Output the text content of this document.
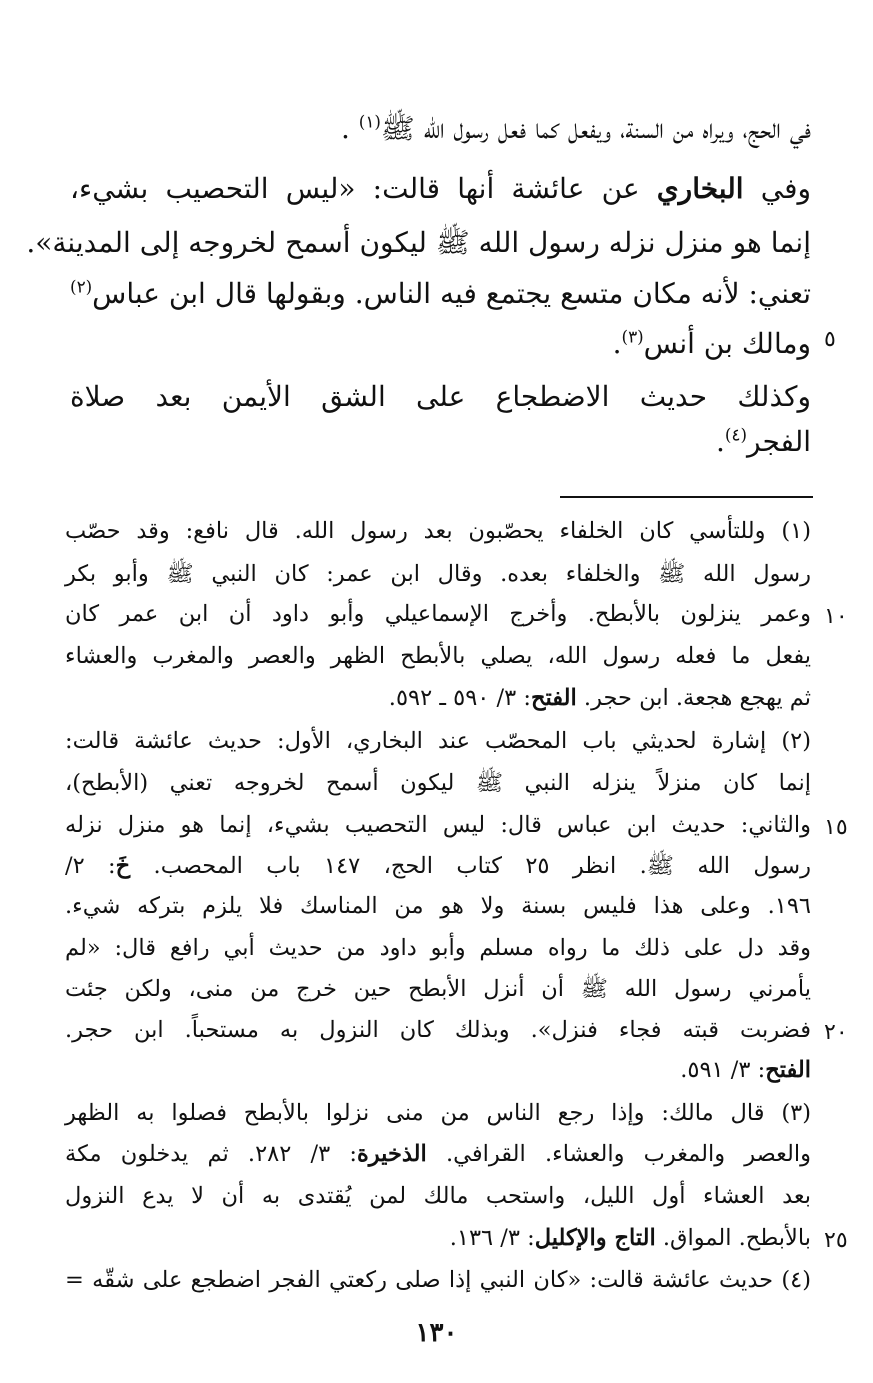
في الحج، ويراه من السنة، ويفعل كما فعل رسول الله ﷺ$^{(١)}$ .
وفي البخاري عن عائشة أنها قالت: «ليس التحصيب بشيء،
إنما هو منزل نزله رسول الله ﷺ ليكون أسمح لخروجه إلى المدينة».
تعني: لأنه مكان متسع يجتمع فيه الناس. وبقولها قال ابن عباس$^{(٢)}$
ومالك بن أنس$^{(٣)}$.
وكذلك حديث الاضطجاع على الشق الأيمن بعد صلاة
الفجر$^{(٤)}$.
(١) وللتأسي كان الخلفاء يحصّبون بعد رسول الله. قال نافع: وقد حصّب
رسول الله ﷺ والخلفاء بعده. وقال ابن عمر: كان النبي ﷺ وأبو بكر
وعمر ينزلون بالأبطح. وأخرج الإسماعيلي وأبو داود أن ابن عمر كان
يفعل ما فعله رسول الله، يصلي بالأبطح الظهر والعصر والمغرب والعشاء
ثم يهجع هجعة. ابن حجر. الفتح: ٣/ ٥٩٠ ـ ٥٩٢.
(٢) إشارة لحديثي باب المحصّب عند البخاري، الأول: حديث عائشة قالت:
إنما كان منزلاً ينزله النبي ﷺ ليكون أسمح لخروجه تعني (الأبطح)،
والثاني: حديث ابن عباس قال: ليس التحصيب بشيء، إنما هو منزل نزله
رسول الله ﷺ. انظر ٢٥ كتاب الحج، ١٤٧ باب المحصب. خَ: ٢/
١٩٦. وعلى هذا فليس بسنة ولا هو من المناسك فلا يلزم بتركه شيء.
وقد دل على ذلك ما رواه مسلم وأبو داود من حديث أبي رافع قال: «لم
يأمرني رسول الله ﷺ أن أنزل الأبطح حين خرج من منى، ولكن جئت
فضربت قبته فجاء فنزل». وبذلك كان النزول به مستحباً. ابن حجر.
الفتح: ٣/ ٥٩١.
(٣) قال مالك: وإذا رجع الناس من منى نزلوا بالأبطح فصلوا به الظهر
والعصر والمغرب والعشاء. القرافي. الذخيرة: ٣/ ٢٨٢. ثم يدخلون مكة
بعد العشاء أول الليل، واستحب مالك لمن يُقتدى به أن لا يدع النزول
بالأبطح. المواق. التاج والإكليل: ٣/ ١٣٦.
(٤) حديث عائشة قالت: «كان النبي إذا صلى ركعتي الفجر اضطجع على شقّه =
٥
١٠
١٥
٢٠
٢٥
١٣٠
